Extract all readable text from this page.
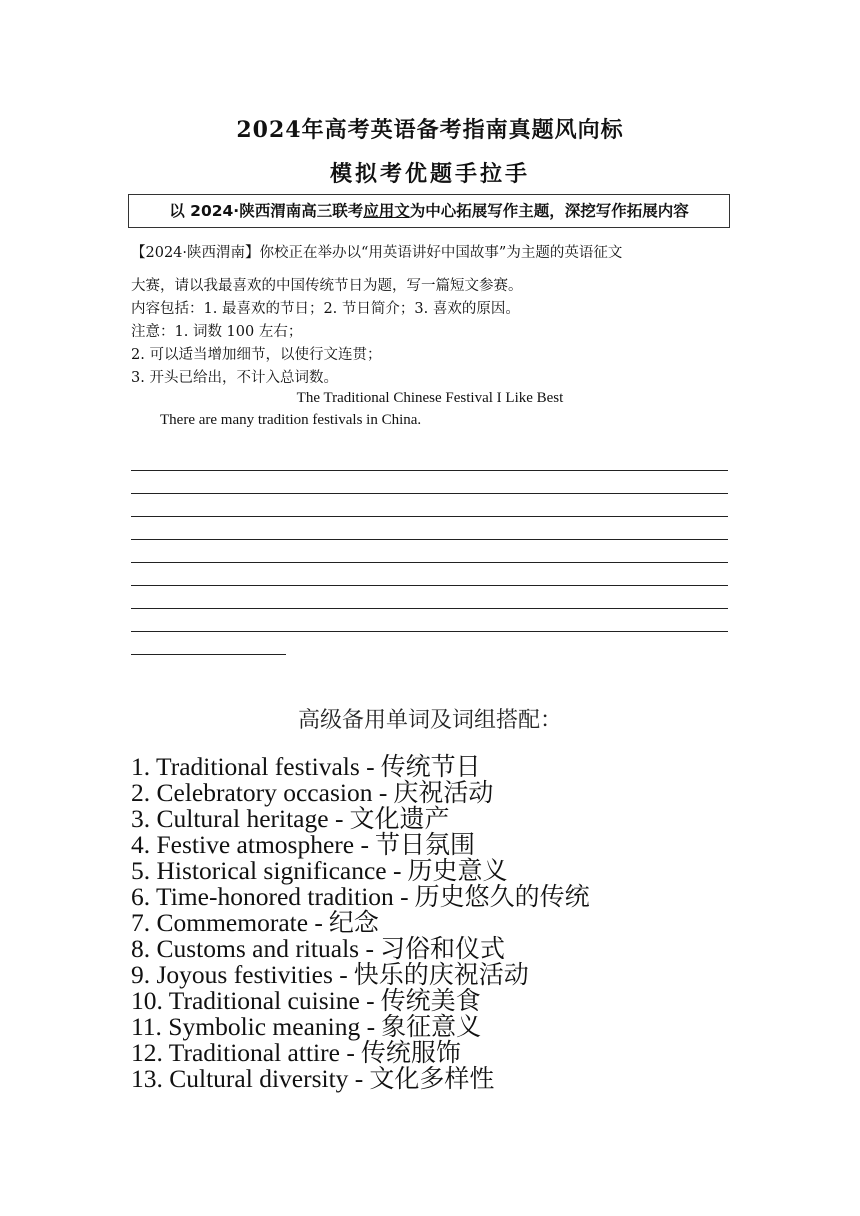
2024年高考英语备考指南真题风向标
模拟考优题手拉手
以 2024·陕西渭南高三联考应用文为中心拓展写作主题，深挖写作拓展内容
【2024·陕西渭南】你校正在举办以“用英语讲好中国故事”为主题的英语征文
大赛，请以我最喜欢的中国传统节日为题，写一篇短文参赛。
内容包括：1. 最喜欢的节日；2. 节日简介；3. 喜欢的原因。
注意：1. 词数 100 左右；
2. 可以适当增加细节，以使行文连贯；
3. 开头已给出，不计入总词数。
The Traditional Chinese Festival I Like Best
There are many tradition festivals in China.
高级备用单词及词组搭配：
1. Traditional festivals - 传统节日
2. Celebratory occasion - 庆祝活动
3. Cultural heritage - 文化遗产
4. Festive atmosphere - 节日氛围
5. Historical significance - 历史意义
6. Time-honored tradition - 历史悠久的传统
7. Commemorate - 纪念
8. Customs and rituals - 习俗和仪式
9. Joyous festivities - 快乐的庆祝活动
10. Traditional cuisine - 传统美食
11. Symbolic meaning - 象征意义
12. Traditional attire - 传统服饰
13. Cultural diversity - 文化多样性
